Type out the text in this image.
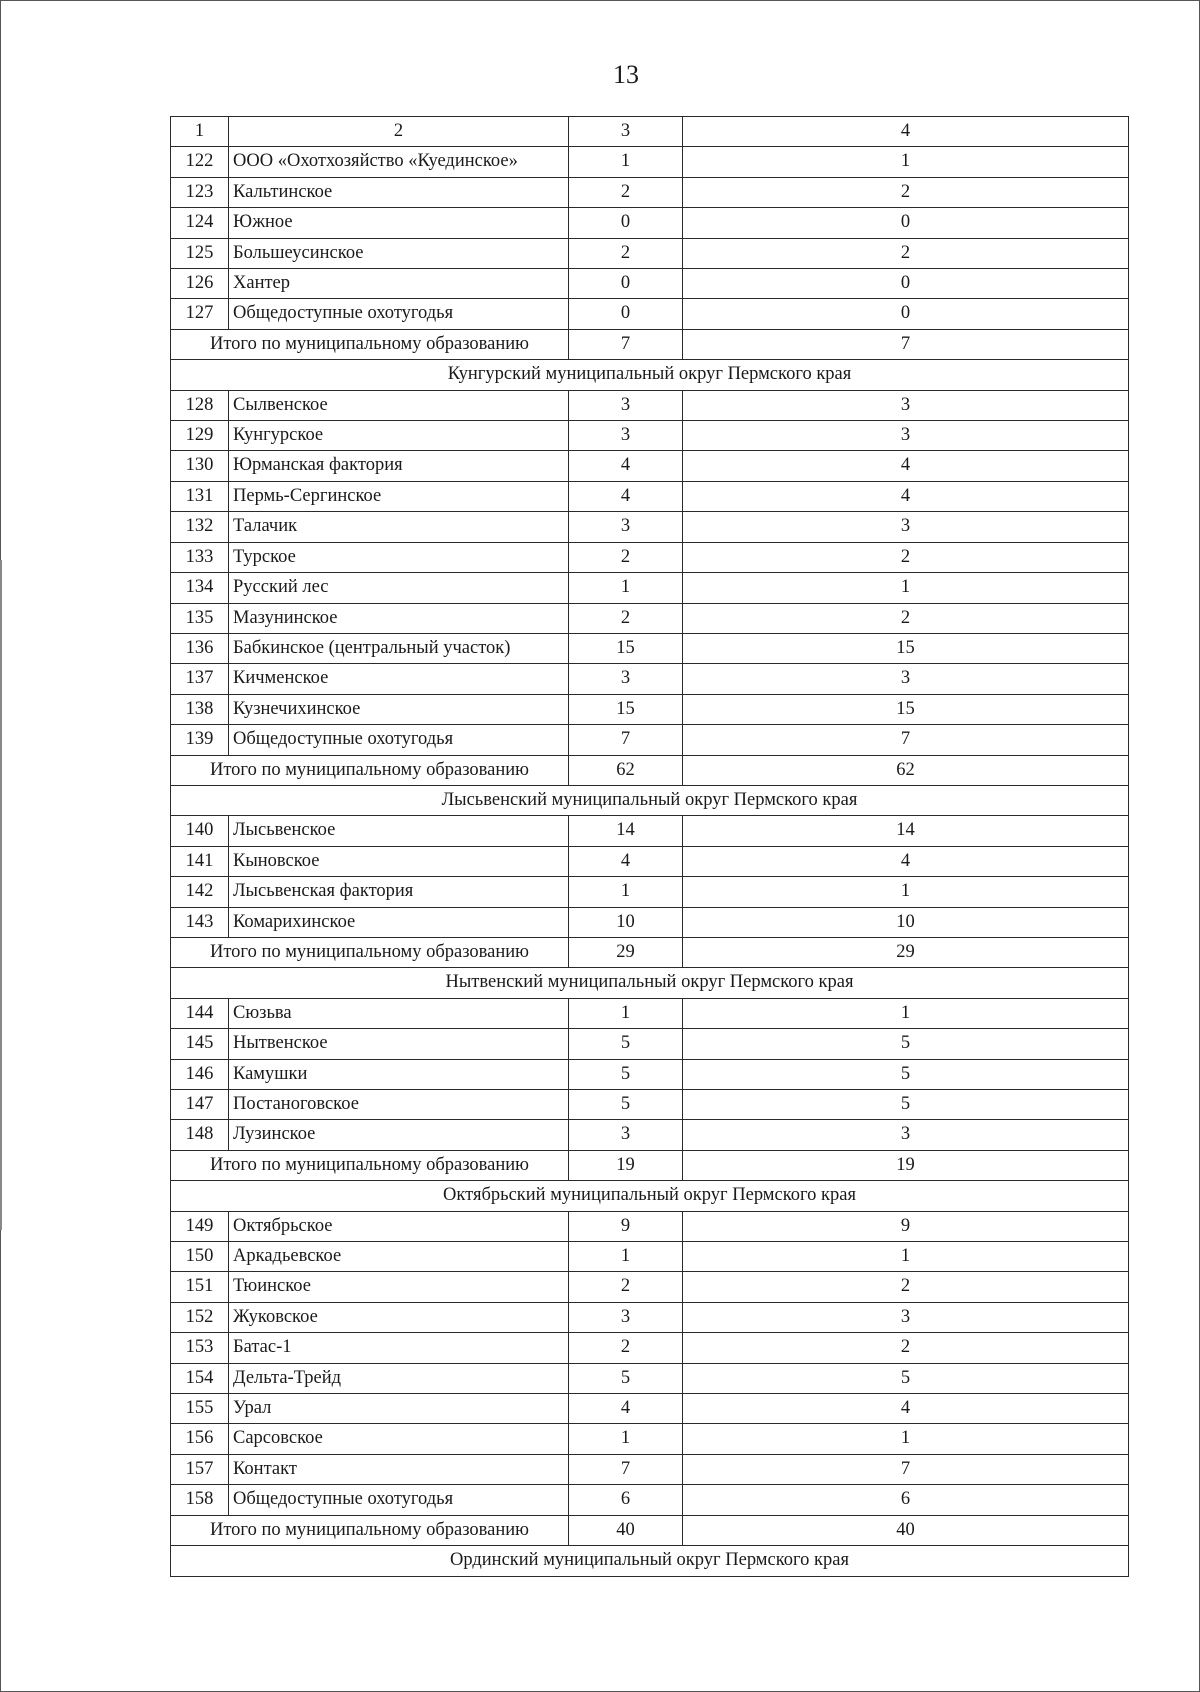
13
1	2	3	4
122	ООО «Охотхозяйство «Куединское»	1	1
123	Кальтинское	2	2
124	Южное	0	0
125	Большеусинское	2	2
126	Хантер	0	0
127	Общедоступные охотугодья	0	0
Итого по муниципальному образованию		7	7
Кунгурский муниципальный округ Пермского края			
128	Сылвенское	3	3
129	Кунгурское	3	3
130	Юрманская фактория	4	4
131	Пермь-Сергинское	4	4
132	Талачик	3	3
133	Турское	2	2
134	Русский лес	1	1
135	Мазунинское	2	2
136	Бабкинское (центральный участок)	15	15
137	Кичменское	3	3
138	Кузнечихинское	15	15
139	Общедоступные охотугодья	7	7
Итого по муниципальному образованию		62	62
Лысьвенский муниципальный округ Пермского края			
140	Лысьвенское	14	14
141	Кыновское	4	4
142	Лысьвенская фактория	1	1
143	Комарихинское	10	10
Итого по муниципальному образованию		29	29
Нытвенский муниципальный округ Пермского края			
144	Сюзьва	1	1
145	Нытвенское	5	5
146	Камушки	5	5
147	Постаноговское	5	5
148	Лузинское	3	3
Итого по муниципальному образованию		19	19
Октябрьский муниципальный округ Пермского края			
149	Октябрьское	9	9
150	Аркадьевское	1	1
151	Тюинское	2	2
152	Жуковское	3	3
153	Батас-1	2	2
154	Дельта-Трейд	5	5
155	Урал	4	4
156	Сарсовское	1	1
157	Контакт	7	7
158	Общедоступные охотугодья	6	6
Итого по муниципальному образованию		40	40
Ординский муниципальный округ Пермского края			
